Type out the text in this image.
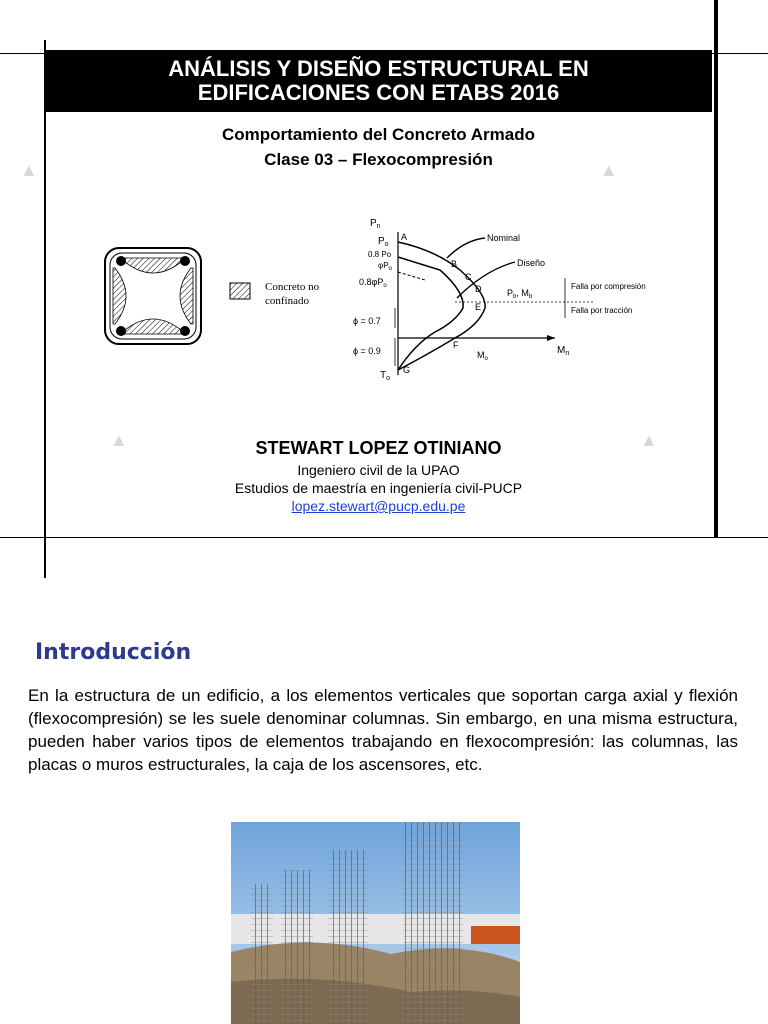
▲	▲
▲	▲
ANÁLISIS Y DISEÑO ESTRUCTURAL EN
EDIFICACIONES CON ETABS 2016
Comportamiento del Concreto Armado
Clase 03 – Flexocompresión
Concreto no
confinado
$P_n$
$P_o$
0.8 Po
$\varphi P_o$
$0.8\varphi P_o$
ϕ = 0.7
ϕ = 0.9
$T_o$
$M_n$
$M_o$
Nominal
Diseño
$P_b$, $M_b$
Falla por compresión
Falla por tracción
A
B
C
D
E
F
G
STEWART LOPEZ OTINIANO
Ingeniero civil de la UPAO
Estudios de maestría en ingeniería civil-PUCP
lopez.stewart@pucp.edu.pe
Introducción
En la estructura de un edificio, a los elementos verticales que soportan carga axial y flexión (flexocompresión) se les suele denominar columnas. Sin embargo, en una misma estructura, pueden haber varios tipos de elementos trabajando en flexocompresión: las columnas, las placas o muros estructurales, la caja de los ascensores, etc.
